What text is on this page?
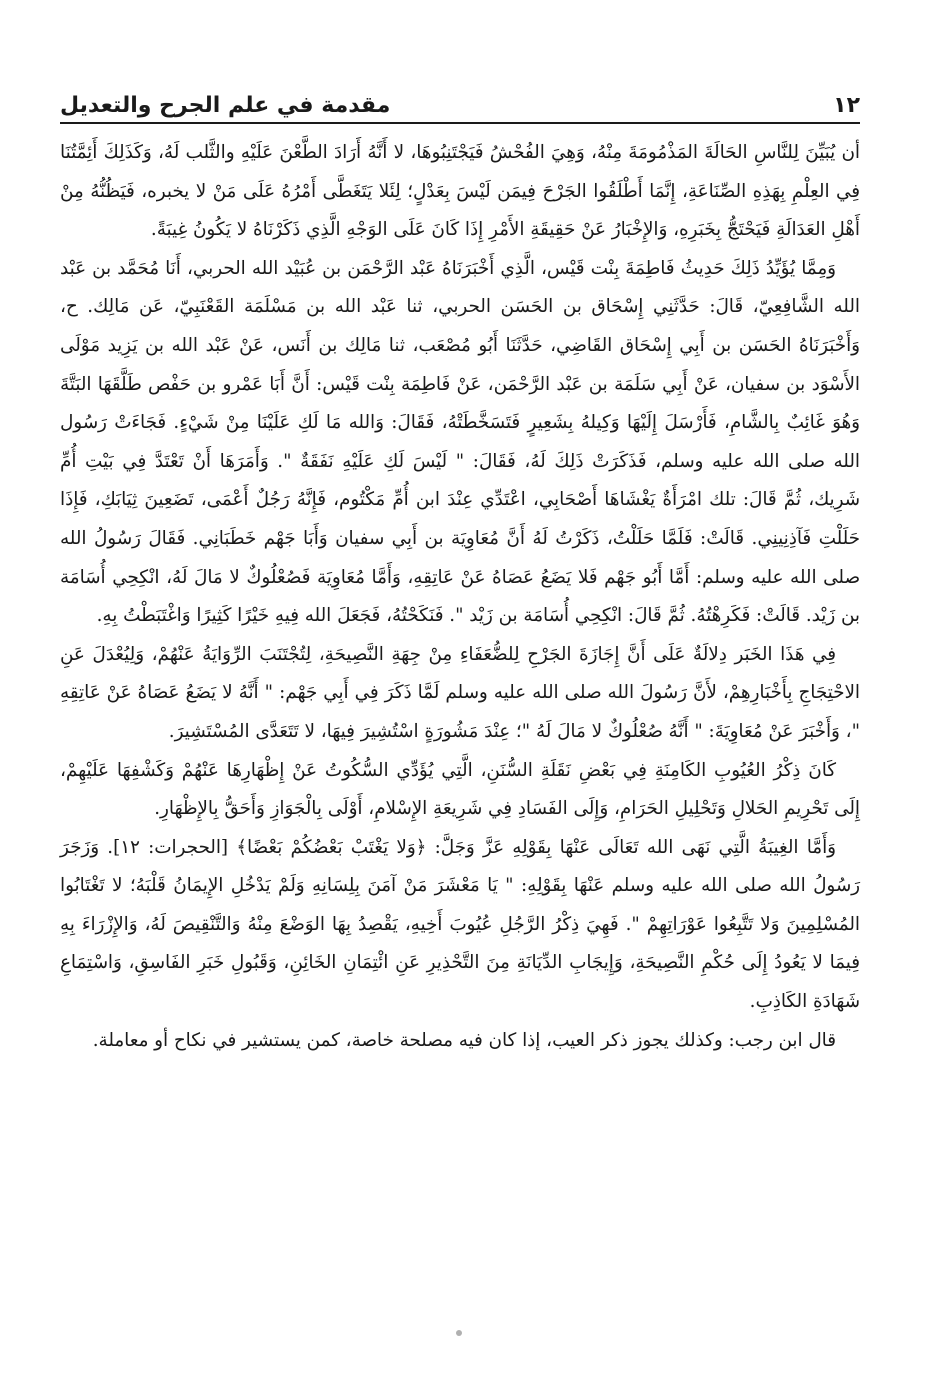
١٢
مقدمة في علم الجرح والتعديل

أن يُبَيِّنَ لِلنَّاسِ الحَالَةَ المَذْمُومَةَ مِنْهُ، وَهِيَ الفُحْشُ فَيَجْتَنِبُوهَا، لا أَنَّهُ أَرَادَ الطَّعْنَ عَلَيْهِ والثَّلب لَهُ، وَكَذَلِكَ أَئِمَّتُنَا فِي العِلْمِ بِهَذِهِ الصِّنَاعَةِ، إِنَّمَا أَطْلَقُوا الجَرْحَ فِيمَن لَيْسَ بِعَدْلٍ؛ لِئَلا يَتَغَطَّى أَمْرُهُ عَلَى مَنْ لا يخبره، فَيَظُنُّهُ مِنْ أَهْلِ العَدَالَةِ فَيَحْتَجُّ بِخَبَرِهِ، وَالإِخْبَارُ عَنْ حَقِيقَةِ الأَمْرِ إِذَا كَانَ عَلَى الوَجْهِ الَّذِي ذَكَرْنَاهُ لا يَكُونُ غِيبَةً.

وَمِمَّا يُؤَيِّدُ ذَلِكَ حَدِيثُ فَاطِمَةَ بِنْت قَيْس، الَّذِي أَخْبَرَنَاهُ عَبْد الرَّحْمَن بن عُبَيْد الله الحربي، أَنَا مُحَمَّد بن عَبْد الله الشَّافِعِيّ، قَالَ: حَدَّثَنِي إِسْحَاق بن الحَسَن الحربي، ثنا عَبْد الله بن مَسْلَمَة القَعْنَبِيّ، عَن مَالِك. ح، وَأَخْبَرَنَاهُ الحَسَن بن أَبِي إِسْحَاق القَاضِي، حَدَّثَنَا أَبُو مُصْعَب، ثنا مَالِك بن أَنَس، عَنْ عَبْد الله بن يَزِيد مَوْلَى الأَسْوَد بن سفيان، عَنْ أَبِي سَلَمَة بن عَبْد الرَّحْمَن، عَنْ فَاطِمَة بِنْت قَيْس: أَنَّ أَبَا عَمْرو بن حَفْص طَلَّقَهَا البَتَّةَ وَهُوَ غَائِبٌ بِالشَّامِ، فَأَرْسَلَ إِلَيْهَا وَكِيلهُ بِشَعِيرٍ فَتَسَخَّطَتْهُ، فَقَالَ: وَالله مَا لَكِ عَلَيْنَا مِنْ شَيْءٍ. فَجَاءَتْ رَسُول الله صلى الله عليه وسلم، فَذَكَرَتْ ذَلِكَ لَهُ، فَقَالَ: " لَيْسَ لَكِ عَلَيْهِ نَفَقَةٌ ". وَأَمَرَهَا أَنْ تَعْتَدَّ فِي بَيْتِ أُمِّ شَرِيك، ثُمَّ قَالَ: تلك امْرَأَةٌ يَغْشَاهَا أَصْحَابِي، اعْتَدِّي عِنْدَ ابن أُمِّ مَكْتُوم، فَإِنَّهُ رَجُلٌ أَعْمَى، تَضَعِينَ ثِيَابَكِ، فَإِذَا حَلَلْتِ فَآذِنِينِي. قَالَتْ: فَلَمَّا حَلَلْتُ، ذَكَرْتُ لَهُ أَنَّ مُعَاوِيَة بن أَبِي سفيان وَأَبَا جَهْم خَطَبَانِي. فَقَالَ رَسُولُ الله صلى الله عليه وسلم: أَمَّا أَبُو جَهْم فَلا يَضَعُ عَصَاهُ عَنْ عَاتِقِهِ، وَأَمَّا مُعَاوِيَة فَصُعْلُوكٌ لا مَالَ لَهُ، انْكِحِي أُسَامَة بن زَيْد. قَالَتْ: فَكَرِهْتُهُ. ثُمَّ قَالَ: انْكِحِي أُسَامَة بن زَيْد ". فَنَكَحْتُهُ، فَجَعَلَ الله فِيهِ خَيْرًا كَثِيرًا وَاغْتَبَطْتُ بِهِ.

فِي هَذَا الخَبَر دِلالَةٌ عَلَى أَنَّ إِجَازَةَ الجَرْحِ لِلضُّعَفَاءِ مِنْ جِهَةِ النَّصِيحَةِ، لِتُجْتَنَبَ الرِّوَايَةُ عَنْهُمْ، وَلِيُعْدَلَ عَنِ الاحْتِجَاجِ بِأَخْبَارِهِمْ، لأَنَّ رَسُولَ الله صلى الله عليه وسلم لَمَّا ذَكَرَ فِي أَبِي جَهْم: " أَنَّهُ لا يَضَعُ عَصَاهُ عَنْ عَاتِقِهِ "، وَأَخْبَرَ عَنْ مُعَاوِيَةَ: " أَنَّهُ صُعْلُوكٌ لا مَالَ لَهُ "؛ عِنْدَ مَشُورَةٍ اسْتُشِيرَ فِيهَا، لا تَتَعَدَّى المُسْتَشِيرَ.

كَانَ ذِكْرُ العُيُوبِ الكَامِنَةِ فِي بَعْضِ نَقَلَةِ السُّنَنِ، الَّتِي يُؤَدِّي السُّكُوتُ عَنْ إِظْهَارِهَا عَنْهُمْ وَكَشْفِهَا عَلَيْهِمْ، إِلَى تَحْرِيمِ الحَلالِ وَتَحْلِيلِ الحَرَامِ، وَإِلَى الفَسَادِ فِي شَرِيعَةِ الإِسْلامِ، أَوْلَى بِالْجَوَازِ وَأَحَقُّ بِالإِظْهَارِ.

وَأَمَّا الغِيبَةُ الَّتِي نَهَى الله تَعَالَى عَنْهَا بِقَوْلِهِ عَزَّ وَجَلَّ: ﴿وَلا يَغْتَبْ بَعْضُكُمْ بَعْضًا﴾ [الحجرات: ١٢]. وَزَجَرَ رَسُولُ الله صلى الله عليه وسلم عَنْهَا بِقَوْلِهِ: " يَا مَعْشَرَ مَنْ آمَنَ بِلِسَانِهِ وَلَمْ يَدْخُلِ الإِيمَانُ قَلْبَهُ؛ لا تَغْتَابُوا المُسْلِمِينَ وَلا تَتَّبِعُوا عَوْرَاتِهِمْ ". فَهِيَ ذِكْرُ الرَّجُلِ عُيُوبَ أَخِيهِ، يَقْصِدُ بِهَا الوَضْعَ مِنْهُ وَالتَّنْقِيصَ لَهُ، وَالإِزْرَاءَ بِهِ فِيمَا لا يَعُودُ إِلَى حُكْمِ النَّصِيحَةِ، وَإِيجَابِ الدِّيَانَةِ مِنَ التَّحْذِيرِ عَنِ ائْتِمَانِ الخَائِنِ، وَقَبُولِ خَبَرِ الفَاسِقِ، وَاسْتِمَاعِ شَهَادَةِ الكَاذِبِ.

قال ابن رجب: وكذلك يجوز ذكر العيب، إذا كان فيه مصلحة خاصة، كمن يستشير في نكاح أو معاملة.
